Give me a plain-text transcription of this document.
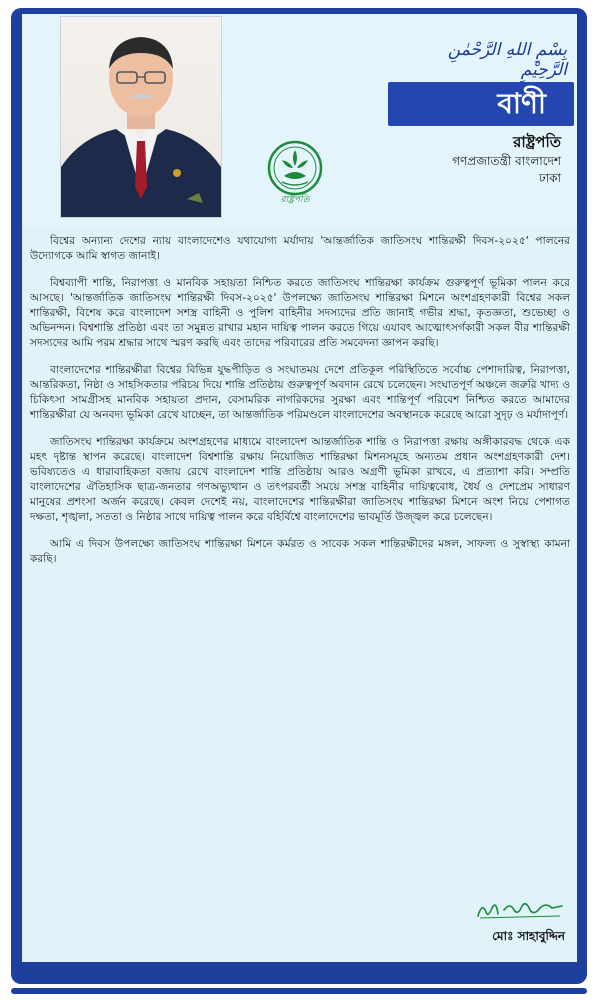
রাষ্ট্রপতি
بِسْمِ اللهِ الرَّحْمٰنِ الرَّحِيْمِ
বাণী
রাষ্ট্রপতি
গণপ্রজাতন্ত্রী বাংলাদেশ
ঢাকা

বিশ্বের অন্যান্য দেশের ন্যায় বাংলাদেশেও যথাযোগ্য মর্যাদায় 'আন্তর্জাতিক জাতিসংঘ শান্তিরক্ষী দিবস-২০২৫' পালনের উদ্যোগকে আমি স্বাগত জানাই।

বিশ্বব্যাপী শান্তি, নিরাপত্তা ও মানবিক সহায়তা নিশ্চিত করতে জাতিসংঘ শান্তিরক্ষা কার্যক্রম গুরুত্বপূর্ণ ভূমিকা পালন করে আসছে। 'আন্তর্জাতিক জাতিসংঘ শান্তিরক্ষী দিবস-২০২৫' উপলক্ষ্যে জাতিসংঘ শান্তিরক্ষা মিশনে অংশগ্রহণকারী বিশ্বের সকল শান্তিরক্ষী, বিশেষ করে বাংলাদেশ সশস্ত্র বাহিনী ও পুলিশ বাহিনীর সদস্যদের প্রতি জানাই গভীর শ্রদ্ধা, কৃতজ্ঞতা, শুভেচ্ছা ও অভিনন্দন। বিশ্বশান্তি প্রতিষ্ঠা এবং তা সমুন্নত রাখার মহান দায়িত্ব পালন করতে গিয়ে এযাবৎ আত্মোৎসর্গকারী সকল বীর শান্তিরক্ষী সদস্যদের আমি পরম শ্রদ্ধার সাথে স্মরণ করছি এবং তাদের পরিবারের প্রতি সমবেদনা জ্ঞাপন করছি।

বাংলাদেশের শান্তিরক্ষীরা বিশ্বের বিভিন্ন যুদ্ধপীড়িত ও সংঘাতময় দেশে প্রতিকূল পরিস্থিতিতে সর্বোচ্চ পেশাদারিত্ব, নিরাপত্তা, আন্তরিকতা, নিষ্ঠা ও সাহসিকতার পরিচয় দিয়ে শান্তি প্রতিষ্ঠায় গুরুত্বপূর্ণ অবদান রেখে চলেছেন। সংঘাতপূর্ণ অঞ্চলে জরুরি খাদ্য ও চিকিৎসা সামগ্রীসহ মানবিক সহায়তা প্রদান, বেসামরিক নাগরিকদের সুরক্ষা এবং শান্তিপূর্ণ পরিবেশ নিশ্চিত করতে আমাদের শান্তিরক্ষীরা যে অনবদ্য ভূমিকা রেখে যাচ্ছেন, তা আন্তর্জাতিক পরিমণ্ডলে বাংলাদেশের অবস্থানকে করেছে আরো সুদৃঢ় ও মর্যাদাপূর্ণ।

জাতিসংঘ শান্তিরক্ষা কার্যক্রমে অংশগ্রহণের মাধ্যমে বাংলাদেশ আন্তর্জাতিক শান্তি ও নিরাপত্তা রক্ষায় অঙ্গীকারবদ্ধ থেকে এক মহৎ দৃষ্টান্ত স্থাপন করেছে। বাংলাদেশ বিশ্বশান্তি রক্ষায় নিয়োজিত শান্তিরক্ষা মিশনসমূহে অন্যতম প্রধান অংশগ্রহণকারী দেশ। ভবিষ্যতেও এ ধারাবাহিকতা বজায় রেখে বাংলাদেশ শান্তি প্রতিষ্ঠায় আরও অগ্রণী ভূমিকা রাখবে, এ প্রত্যাশা করি। সম্প্রতি বাংলাদেশের ঐতিহাসিক ছাত্র-জনতার গণঅভ্যুত্থান ও তৎপরবর্তী সময়ে সশস্ত্র বাহিনীর দায়িত্ববোধ, ধৈর্য ও দেশপ্রেম সাধারণ মানুষের প্রশংসা অর্জন করেছে। কেবল দেশেই নয়, বাংলাদেশের শান্তিরক্ষীরা জাতিসংঘ শান্তিরক্ষা মিশনে অংশ নিয়ে পেশাগত দক্ষতা, শৃঙ্খলা, সততা ও নিষ্ঠার সাথে দায়িত্ব পালন করে বহির্বিশ্বে বাংলাদেশের ভাবমূর্তি উজ্জ্বল করে চলেছেন।

আমি এ দিবস উপলক্ষ্যে জাতিসংঘ শান্তিরক্ষা মিশনে কর্মরত ও সাবেক সকল শান্তিরক্ষীদের মঙ্গল, সাফল্য ও সুস্বাস্থ্য কামনা করছি।

মোঃ সাহাবুদ্দিন
